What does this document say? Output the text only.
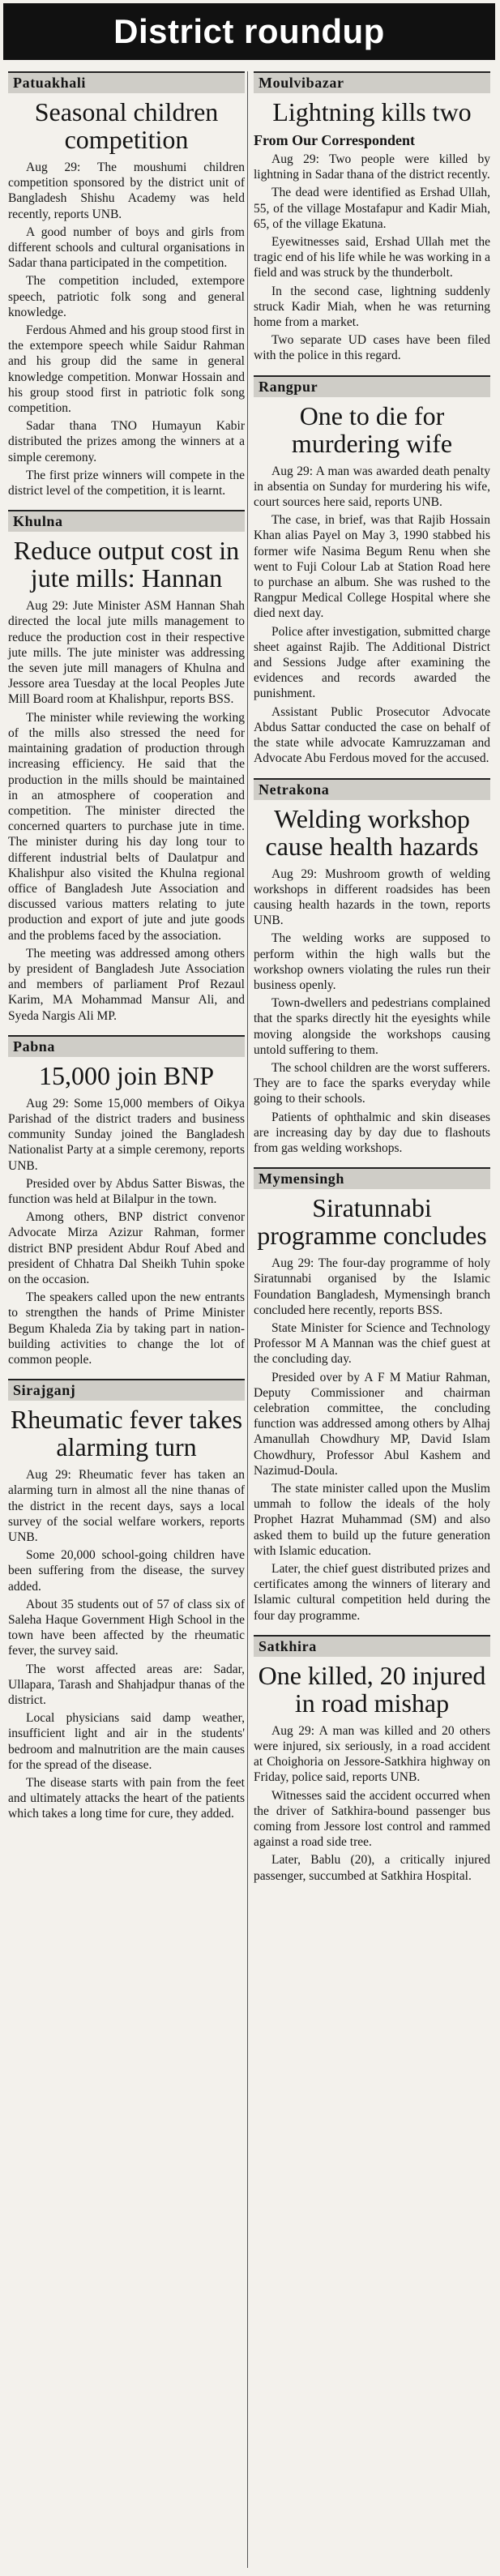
District roundup
Patuakhali
Seasonal children competition

Aug 29: The moushumi children competition sponsored by the district unit of Bangladesh Shishu Academy was held recently, reports UNB.

A good number of boys and girls from different schools and cultural organisations in Sadar thana participated in the competition.

The competition included, extempore speech, patriotic folk song and general knowledge.

Ferdous Ahmed and his group stood first in the extempore speech while Saidur Rahman and his group did the same in general knowledge competition. Monwar Hossain and his group stood first in patriotic folk song competition.

Sadar thana TNO Humayun Kabir distributed the prizes among the winners at a simple ceremony.

The first prize winners will compete in the district level of the competition, it is learnt.

Khulna
Reduce output cost in jute mills: Hannan

Aug 29: Jute Minister ASM Hannan Shah directed the local jute mills management to reduce the production cost in their respective jute mills. The jute minister was addressing the seven jute mill managers of Khulna and Jessore area Tuesday at the local Peoples Jute Mill Board room at Khalishpur, reports BSS.

The minister while reviewing the working of the mills also stressed the need for maintaining gradation of production through increasing efficiency. He said that the production in the mills should be maintained in an atmosphere of cooperation and competition. The minister directed the concerned quarters to purchase jute in time. The minister during his day long tour to different industrial belts of Daulatpur and Khalishpur also visited the Khulna regional office of Bangladesh Jute Association and discussed various matters relating to jute production and export of jute and jute goods and the problems faced by the association.

The meeting was addressed among others by president of Bangladesh Jute Association and members of parliament Prof Rezaul Karim, MA Mohammad Mansur Ali, and Syeda Nargis Ali MP.

Pabna
15,000 join BNP

Aug 29: Some 15,000 members of Oikya Parishad of the district traders and business community Sunday joined the Bangladesh Nationalist Party at a simple ceremony, reports UNB.

Presided over by Abdus Satter Biswas, the function was held at Bilalpur in the town.

Among others, BNP district convenor Advocate Mirza Azizur Rahman, former district BNP president Abdur Rouf Abed and president of Chhatra Dal Sheikh Tuhin spoke on the occasion.

The speakers called upon the new entrants to strengthen the hands of Prime Minister Begum Khaleda Zia by taking part in nation-building activities to change the lot of common people.

Sirajganj
Rheumatic fever takes alarming turn

Aug 29: Rheumatic fever has taken an alarming turn in almost all the nine thanas of the district in the recent days, says a local survey of the social welfare workers, reports UNB.

Some 20,000 school-going children have been suffering from the disease, the survey added.

About 35 students out of 57 of class six of Saleha Haque Government High School in the town have been affected by the rheumatic fever, the survey said.

The worst affected areas are: Sadar, Ullapara, Tarash and Shahjadpur thanas of the district.

Local physicians said damp weather, insufficient light and air in the students' bedroom and malnutrition are the main causes for the spread of the disease.

The disease starts with pain from the feet and ultimately attacks the heart of the patients which takes a long time for cure, they added.

Moulvibazar
Lightning kills two
From Our Correspondent

Aug 29: Two people were killed by lightning in Sadar thana of the district recently.

The dead were identified as Ershad Ullah, 55, of the village Mostafapur and Kadir Miah, 65, of the village Ekatuna.

Eyewitnesses said, Ershad Ullah met the tragic end of his life while he was working in a field and was struck by the thunderbolt.

In the second case, lightning suddenly struck Kadir Miah, when he was returning home from a market.

Two separate UD cases have been filed with the police in this regard.

Rangpur
One to die for murdering wife

Aug 29: A man was awarded death penalty in absentia on Sunday for murdering his wife, court sources here said, reports UNB.

The case, in brief, was that Rajib Hossain Khan alias Payel on May 3, 1990 stabbed his former wife Nasima Begum Renu when she went to Fuji Colour Lab at Station Road here to purchase an album. She was rushed to the Rangpur Medical College Hospital where she died next day.

Police after investigation, submitted charge sheet against Rajib. The Additional District and Sessions Judge after examining the evidences and records awarded the punishment.

Assistant Public Prosecutor Advocate Abdus Sattar conducted the case on behalf of the state while advocate Kamruzzaman and Advocate Abu Ferdous moved for the accused.

Netrakona
Welding workshop cause health hazards

Aug 29: Mushroom growth of welding workshops in different roadsides has been causing health hazards in the town, reports UNB.

The welding works are supposed to perform within the high walls but the workshop owners violating the rules run their business openly.

Town-dwellers and pedestrians complained that the sparks directly hit the eyesights while moving alongside the workshops causing untold suffering to them.

The school children are the worst sufferers. They are to face the sparks everyday while going to their schools.

Patients of ophthalmic and skin diseases are increasing day by day due to flashouts from gas welding workshops.

Mymensingh
Siratunnabi programme concludes

Aug 29: The four-day programme of holy Siratunnabi organised by the Islamic Foundation Bangladesh, Mymensingh branch concluded here recently, reports BSS.

State Minister for Science and Technology Professor M A Mannan was the chief guest at the concluding day.

Presided over by A F M Matiur Rahman, Deputy Commissioner and chairman celebration committee, the concluding function was addressed among others by Alhaj Amanullah Chowdhury MP, David Islam Chowdhury, Professor Abul Kashem and Nazimud-Doula.

The state minister called upon the Muslim ummah to follow the ideals of the holy Prophet Hazrat Muhammad (SM) and also asked them to build up the future generation with Islamic education.

Later, the chief guest distributed prizes and certificates among the winners of literary and Islamic cultural competition held during the four day programme.

Satkhira
One killed, 20 injured in road mishap

Aug 29: A man was killed and 20 others were injured, six seriously, in a road accident at Choighoria on Jessore-Satkhira highway on Friday, police said, reports UNB.

Witnesses said the accident occurred when the driver of Satkhira-bound passenger bus coming from Jessore lost control and rammed against a road side tree.

Later, Bablu (20), a critically injured passenger, succumbed at Satkhira Hospital.
